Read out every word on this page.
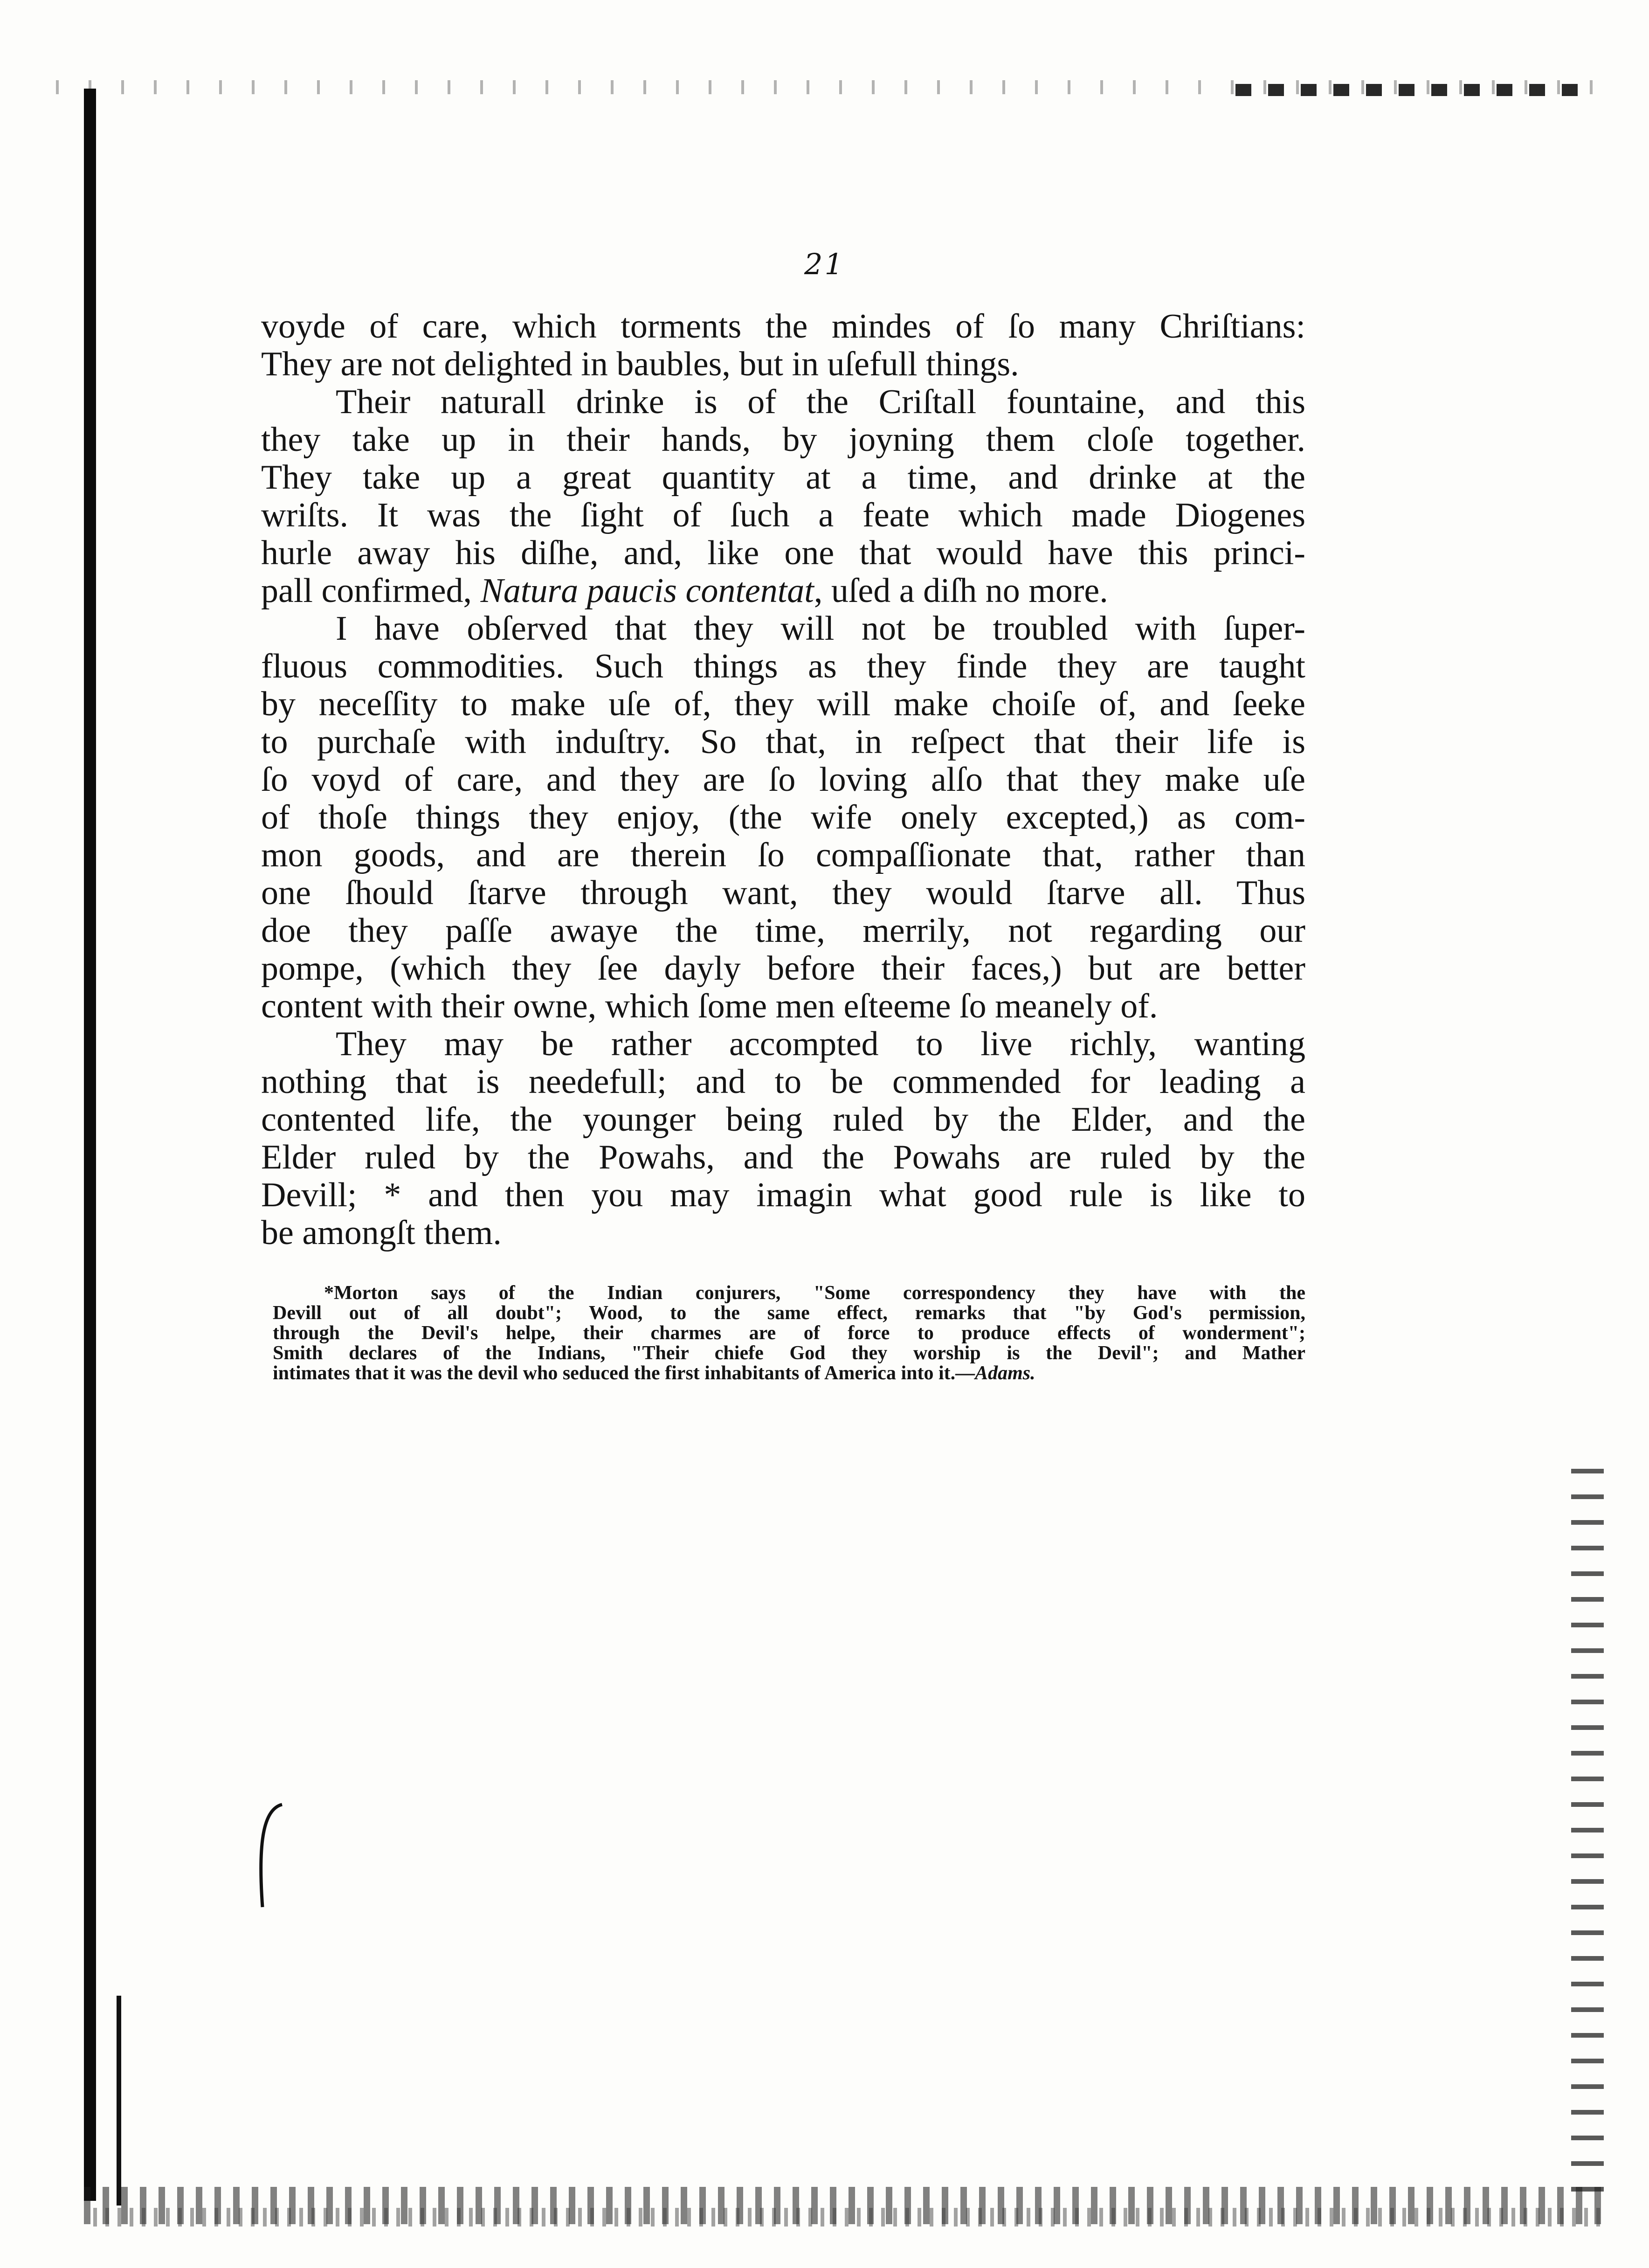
21

voyde of care, which torments the mindes of ſo many Chriſtians:
They are not delighted in baubles, but in uſefull things.

Their naturall drinke is of the Criſtall fountaine, and this
they take up in their hands, by joyning them cloſe together.
They take up a great quantity at a time, and drinke at the
wriſts. It was the ſight of ſuch a feate which made Diogenes
hurle away his diſhe, and, like one that would have this princi-
pall confirmed, Natura paucis contentat, uſed a diſh no more.

I have obſerved that they will not be troubled with ſuper-
fluous commodities. Such things as they finde they are taught
by neceſſity to make uſe of, they will make choiſe of, and ſeeke
to purchaſe with induſtry. So that, in reſpect that their life is
ſo voyd of care, and they are ſo loving alſo that they make uſe
of thoſe things they enjoy, (the wife onely excepted,) as com-
mon goods, and are therein ſo compaſſionate that, rather than
one ſhould ſtarve through want, they would ſtarve all. Thus
doe they paſſe awaye the time, merrily, not regarding our
pompe, (which they ſee dayly before their faces,) but are better
content with their owne, which ſome men eſteeme ſo meanely of.

They may be rather accompted to live richly, wanting
nothing that is needefull; and to be commended for leading a
contented life, the younger being ruled by the Elder, and the
Elder ruled by the Powahs, and the Powahs are ruled by the
Devill; * and then you may imagin what good rule is like to
be amongſt them.

*Morton says of the Indian conjurers, "Some correspondency they have with the
Devill out of all doubt"; Wood, to the same effect, remarks that "by God's permission,
through the Devil's helpe, their charmes are of force to produce effects of wonderment";
Smith declares of the Indians, "Their chiefe God they worship is the Devil"; and Mather
intimates that it was the devil who seduced the first inhabitants of America into it.—Adams.
